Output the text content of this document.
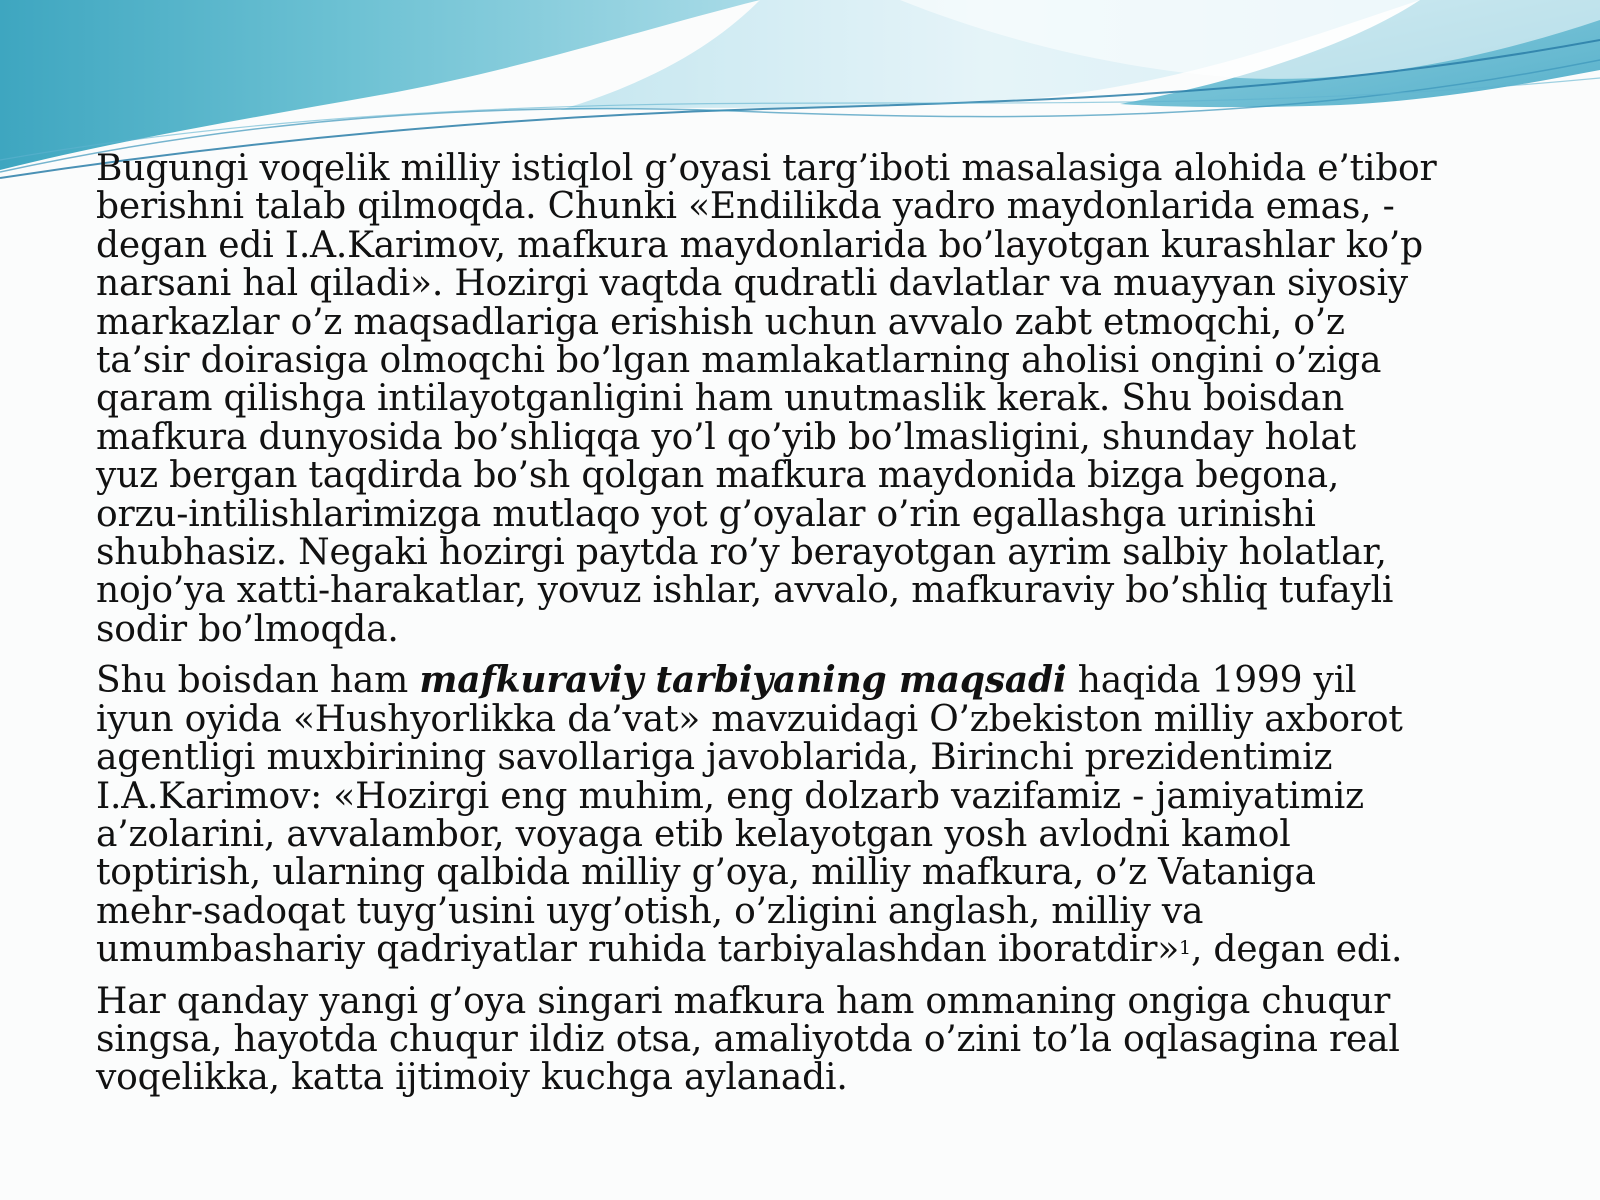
Bugungi voqelik milliy istiqlol g’oyasi targ’iboti masalasiga alohida e’tibor
berishni talab qilmoqda. Chunki «Endilikda yadro maydonlarida emas, -
degan edi I.A.Karimov, mafkura maydonlarida bo’layotgan kurashlar ko’p
narsani hal qiladi». Hozirgi vaqtda qudratli davlatlar va muayyan siyosiy
markazlar o’z maqsadlariga erishish uchun avvalo zabt etmoqchi, o’z
ta’sir doirasiga olmoqchi bo’lgan mamlakatlarning aholisi ongini o’ziga
qaram qilishga intilayotganligini ham unutmaslik kerak. Shu boisdan
mafkura dunyosida bo’shliqqa yo’l qo’yib bo’lmasligini, shunday holat
yuz bergan taqdirda bo’sh qolgan mafkura maydonida bizga begona,
orzu-intilishlarimizga mutlaqo yot g’oyalar o’rin egallashga urinishi
shubhasiz. Negaki hozirgi paytda ro’y berayotgan ayrim salbiy holatlar,
nojo’ya xatti-harakatlar, yovuz ishlar, avvalo, mafkuraviy bo’shliq tufayli
sodir bo’lmoqda.

Shu boisdan ham mafkuraviy tarbiyaning maqsadi haqida 1999 yil
iyun oyida «Hushyorlikka da’vat» mavzuidagi O’zbekiston milliy axborot
agentligi muxbirining savollariga javoblarida, Birinchi prezidentimiz
I.A.Karimov: «Hozirgi eng muhim, eng dolzarb vazifamiz - jamiyatimiz
a’zolarini, avvalambor, voyaga etib kelayotgan yosh avlodni kamol
toptirish, ularning qalbida milliy g’oya, milliy mafkura, o’z Vataniga
mehr-sadoqat tuyg’usini uyg’otish, o’zligini anglash, milliy va
umumbashariy qadriyatlar ruhida tarbiyalashdan iboratdir»$^1$, degan edi.

Har qanday yangi g’oya singari mafkura ham ommaning ongiga chuqur
singsa, hayotda chuqur ildiz otsa, amaliyotda o’zini to’la oqlasagina real
voqelikka, katta ijtimoiy kuchga aylanadi.
